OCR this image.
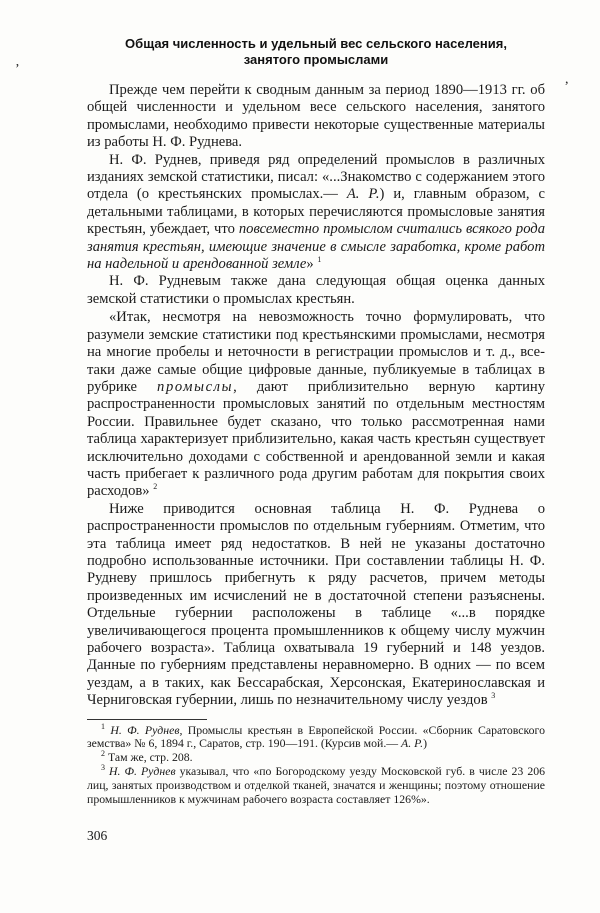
ʼ
,
Общая численность и удельный вес сельского населения,
занятого промыслами

Прежде чем перейти к сводным данным за период 1890—1913 гг. об общей численности и удельном весе сельского населения, занятого промыслами, необходимо привести некоторые существенные материалы из работы Н. Ф. Руднева.

Н. Ф. Руднев, приведя ряд определений промыслов в различных изданиях земской статистики, писал: «...Знакомство с содержанием этого отдела (о крестьянских промыслах.— А. Р.) и, главным образом, с детальными таблицами, в которых перечисляются промысловые занятия крестьян, убеждает, что повсеместно промыслом считались всякого рода занятия крестьян, имеющие значение в смысле заработка, кроме работ на надельной и арендованной земле» $^1$

Н. Ф. Рудневым также дана следующая общая оценка данных земской статистики о промыслах крестьян.

«Итак, несмотря на невозможность точно формулировать, что разумели земские статистики под крестьянскими промыслами, несмотря на многие пробелы и неточности в регистрации промыслов и т. д., все-таки даже самые общие цифровые данные, публикуемые в таблицах в рубрике промыслы, дают приблизительно верную картину распространенности промысловых занятий по отдельным местностям России. Правильнее будет сказано, что только рассмотренная нами таблица характеризует приблизительно, какая часть крестьян существует исключительно доходами с собственной и арендованной земли и какая часть прибегает к различного рода другим работам для покрытия своих расходов» $^2$

Ниже приводится основная таблица Н. Ф. Руднева о распространенности промыслов по отдельным губерниям. Отметим, что эта таблица имеет ряд недостатков. В ней не указаны достаточно подробно использованные источники. При составлении таблицы Н. Ф. Рудневу пришлось прибегнуть к ряду расчетов, причем методы произведенных им исчислений не в достаточной степени разъяснены. Отдельные губернии расположены в таблице «...в порядке увеличивающегося процента промышленников к общему числу мужчин рабочего возраста». Таблица охватывала 19 губерний и 148 уездов. Данные по губерниям представлены неравномерно. В одних — по всем уездам, а в таких, как Бессарабская, Херсонская, Екатеринославская и Черниговская губернии, лишь по незначительному числу уездов $^3$

$^1$ Н. Ф. Руднев, Промыслы крестьян в Европейской России. «Сборник Саратовского земства» № 6, 1894 г., Саратов, стр. 190—191. (Курсив мой.— А. Р.)

$^2$ Там же, стр. 208.

$^3$ Н. Ф. Руднев указывал, что «по Богородскому уезду Московской губ. в числе 23 206 лиц, занятых производством и отделкой тканей, значатся и женщины; поэтому отношение промышленников к мужчинам рабочего возраста составляет 126%».

306
